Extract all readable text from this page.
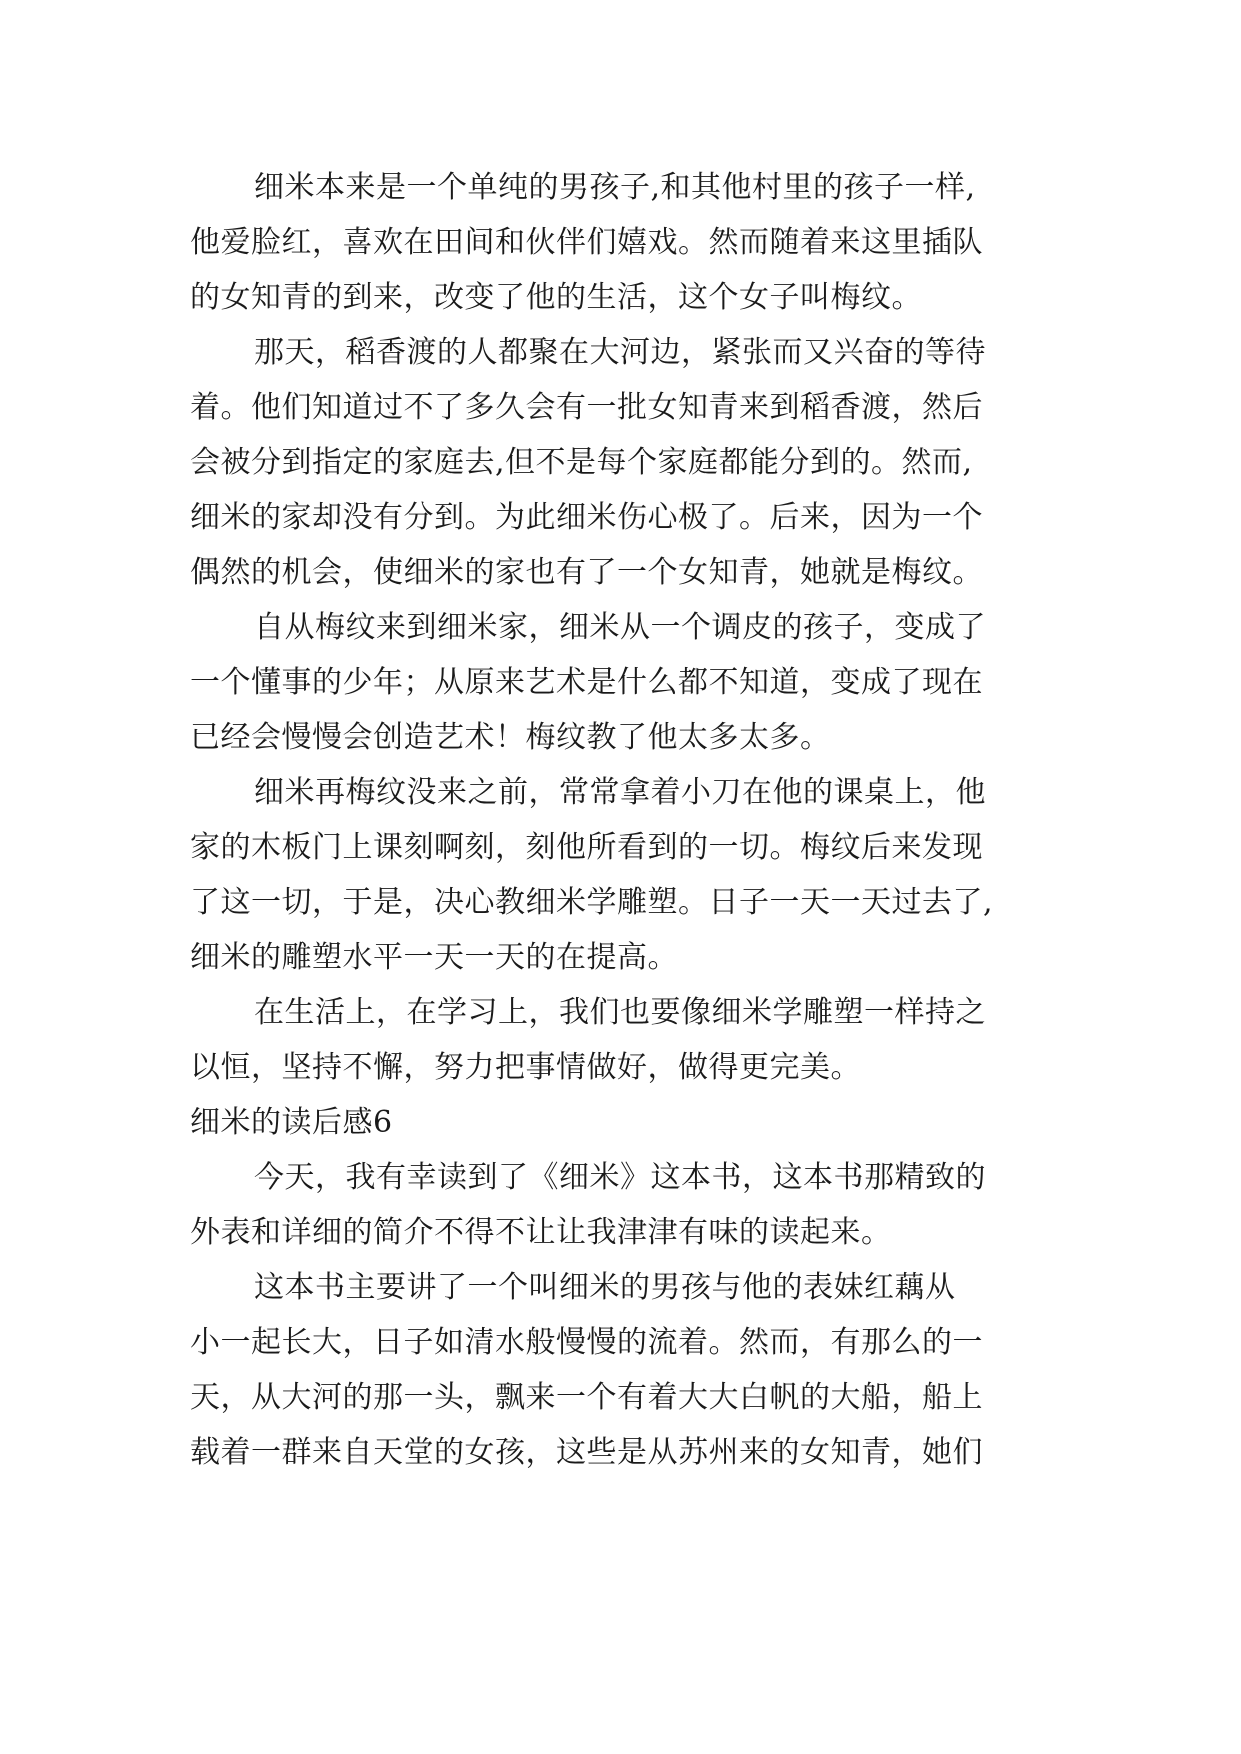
细米本来是一个单纯的男孩子,和其他村里的孩子一样,
他爱脸红，喜欢在田间和伙伴们嬉戏。然而随着来这里插队
的女知青的到来，改变了他的生活，这个女子叫梅纹。
那天，稻香渡的人都聚在大河边，紧张而又兴奋的等待
着。他们知道过不了多久会有一批女知青来到稻香渡，然后
会被分到指定的家庭去,但不是每个家庭都能分到的。然而,
细米的家却没有分到。为此细米伤心极了。后来，因为一个
偶然的机会，使细米的家也有了一个女知青，她就是梅纹。
自从梅纹来到细米家，细米从一个调皮的孩子，变成了
一个懂事的少年；从原来艺术是什么都不知道，变成了现在
已经会慢慢会创造艺术！梅纹教了他太多太多。
细米再梅纹没来之前，常常拿着小刀在他的课桌上，他
家的木板门上课刻啊刻，刻他所看到的一切。梅纹后来发现
了这一切，于是，决心教细米学雕塑。日子一天一天过去了,
细米的雕塑水平一天一天的在提高。
在生活上，在学习上，我们也要像细米学雕塑一样持之
以恒，坚持不懈，努力把事情做好，做得更完美。
细米的读后感6
今天，我有幸读到了《细米》这本书，这本书那精致的
外表和详细的简介不得不让让我津津有味的读起来。
这本书主要讲了一个叫细米的男孩与他的表妹红藕从
小一起长大，日子如清水般慢慢的流着。然而，有那么的一
天，从大河的那一头，飘来一个有着大大白帆的大船，船上
载着一群来自天堂的女孩，这些是从苏州来的女知青，她们
